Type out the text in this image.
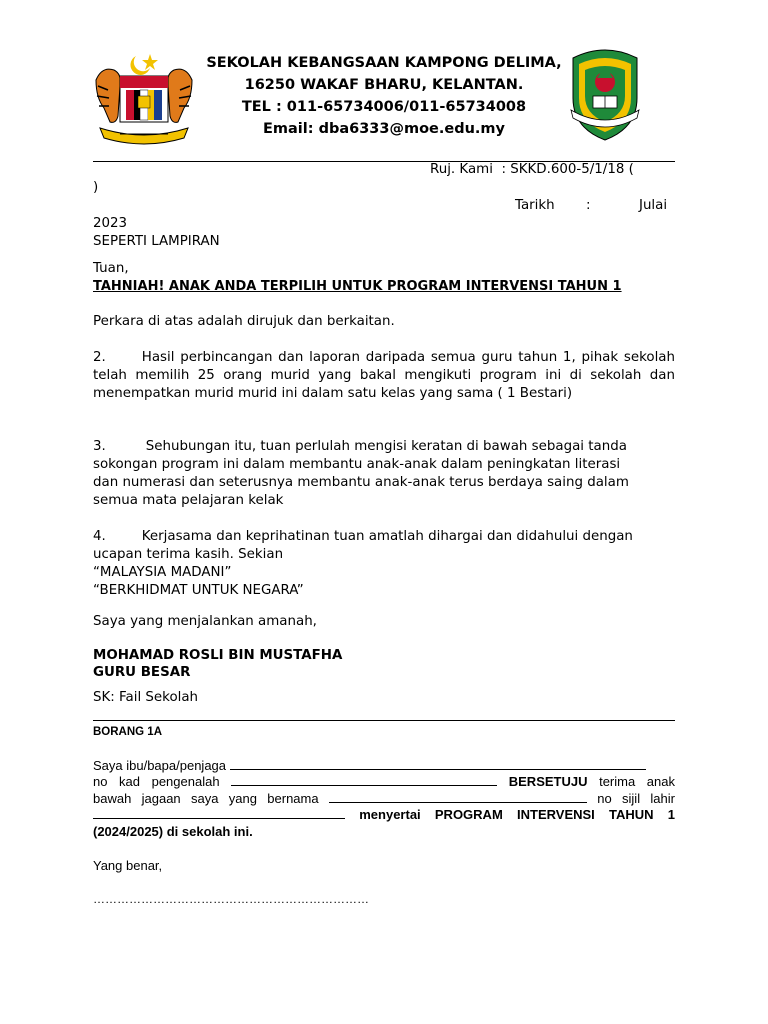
SEKOLAH KEBANGSAAN KAMPONG DELIMA,
16250 WAKAF BHARU, KELANTAN.
TEL : 011-65734006/011-65734008
Email: dba6333@moe.edu.my
Ruj. Kami : SKKD.600-5/1/18 (
)
Tarikh :	Julai
2023
SEPERTI LAMPIRAN
Tuan,
TAHNIAH! ANAK ANDA TERPILIH UNTUK PROGRAM INTERVENSI TAHUN 1
Perkara di atas adalah dirujuk dan berkaitan.
2.	Hasil perbincangan dan laporan daripada semua guru tahun 1, pihak sekolah telah memilih 25 orang murid yang bakal mengikuti program ini di sekolah dan menempatkan murid murid ini dalam satu kelas yang sama ( 1 Bestari)
3.	Sehubungan itu, tuan perlulah mengisi keratan di bawah sebagai tanda
sokongan program ini dalam membantu anak-anak dalam peningkatan literasi
dan numerasi dan seterusnya membantu anak-anak terus berdaya saing dalam
semua mata pelajaran kelak
4.	Kerjasama dan keprihatinan tuan amatlah dihargai dan didahului dengan
ucapan terima kasih. Sekian
“MALAYSIA MADANI”
“BERKHIDMAT UNTUK NEGARA”
Saya yang menjalankan amanah,
MOHAMAD ROSLI BIN MUSTAFHA
GURU BESAR
SK: Fail Sekolah
BORANG 1A
Saya ibu/bapa/penjaga
no kad pengenalah	BERSETUJU terima anak
bawah jagaan saya yang bernama	no sijil lahir
menyertai PROGRAM INTERVENSI TAHUN 1
(2024/2025) di sekolah ini.
Yang benar,
……………………………………………………………
